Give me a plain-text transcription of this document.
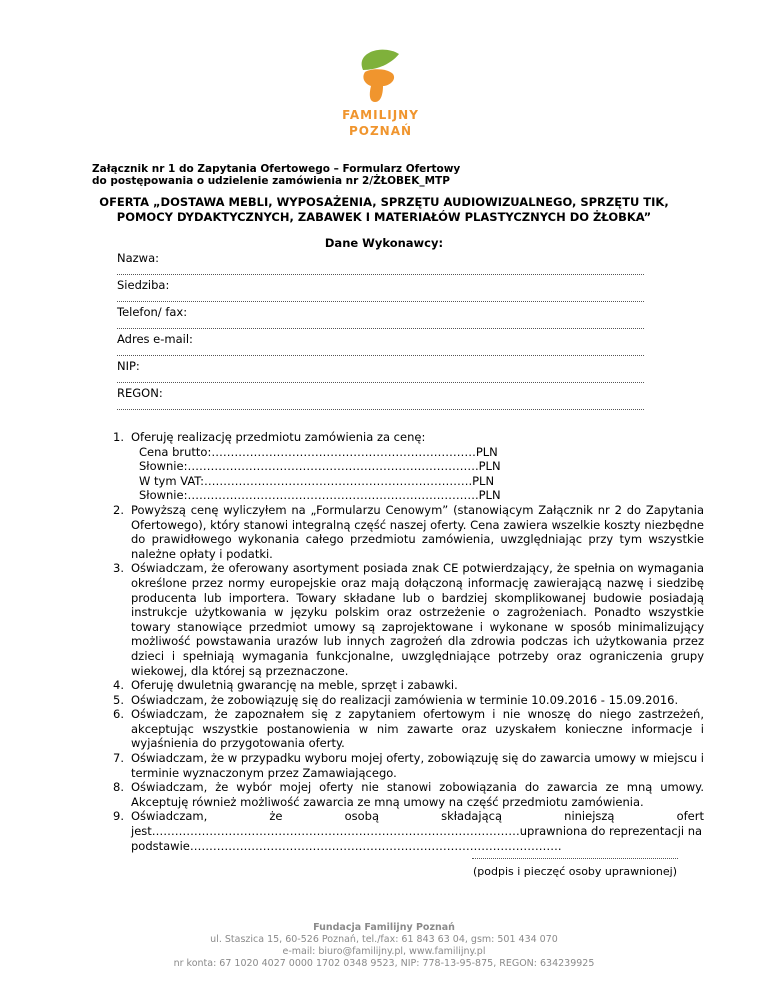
FAMILIJNY
POZNAŃ
Załącznik nr 1 do Zapytania Ofertowego – Formularz Ofertowy
do postępowania o udzielenie zamówienia nr 2/ŻŁOBEK_MTP
OFERTA „DOSTAWA MEBLI, WYPOSAŻENIA, SPRZĘTU AUDIOWIZUALNEGO, SPRZĘTU TIK, POMOCY DYDAKTYCZNYCH, ZABAWEK I MATERIAŁÓW PLASTYCZNYCH DO ŻŁOBKA”
Dane Wykonawcy:
Nazwa:
Siedziba:
Telefon/ fax:
Adres e-mail:
NIP:
REGON:
1. Oferuję realizację przedmiotu zamówienia za cenę:
Cena brutto:……………………………………………………………PLN
Słownie:………………………………………………………………….PLN
W tym VAT:…………………………………………………………….PLN
Słownie:………………………………………………………………….PLN
2. Powyższą cenę wyliczyłem na „Formularzu Cenowym” (stanowiącym Załącznik nr 2 do Zapytania Ofertowego), który stanowi integralną część naszej oferty. Cena zawiera wszelkie koszty niezbędne do prawidłowego wykonania całego przedmiotu zamówienia, uwzględniając przy tym wszystkie należne opłaty i podatki.
3. Oświadczam, że oferowany asortyment posiada znak CE potwierdzający, że spełnia on wymagania określone przez normy europejskie oraz mają dołączoną informację zawierającą nazwę i siedzibę producenta lub importera. Towary składane lub o bardziej skomplikowanej budowie posiadają instrukcje użytkowania w języku polskim oraz ostrzeżenie o zagrożeniach. Ponadto wszystkie towary stanowiące przedmiot umowy są zaprojektowane i wykonane w sposób minimalizujący możliwość powstawania urazów lub innych zagrożeń dla zdrowia podczas ich użytkowania przez dzieci i spełniają wymagania funkcjonalne, uwzględniające potrzeby oraz ograniczenia grupy wiekowej, dla której są przeznaczone.
4. Oferuję dwuletnią gwarancję na meble, sprzęt i zabawki.
5. Oświadczam, że zobowiązuję się do realizacji zamówienia w terminie 10.09.2016 - 15.09.2016.
6. Oświadczam, że zapoznałem się z zapytaniem ofertowym i nie wnoszę do niego zastrzeżeń, akceptując wszystkie postanowienia w nim zawarte oraz uzyskałem konieczne informacje i wyjaśnienia do przygotowania oferty.
7. Oświadczam, że w przypadku wyboru mojej oferty, zobowiązuję się do zawarcia umowy w miejscu i terminie wyznaczonym przez Zamawiającego.
8. Oświadczam, że wybór mojej oferty nie stanowi zobowiązania do zawarcia ze mną umowy. Akceptuję również możliwość zawarcia ze mną umowy na część przedmiotu zamówienia.
9. Oświadczam, że osobą składającą niniejszą ofert jest……………………………………………………………………………………uprawniona do reprezentacji na
podstawie…………………………………………………………………………………….
(podpis i pieczęć osoby uprawnionej)
Fundacja Familijny Poznań
ul. Staszica 15, 60-526 Poznań, tel./fax: 61 843 63 04, gsm: 501 434 070
e-mail: biuro@familijny.pl, www.familijny.pl
nr konta: 67 1020 4027 0000 1702 0348 9523, NIP: 778-13-95-875, REGON: 634239925
